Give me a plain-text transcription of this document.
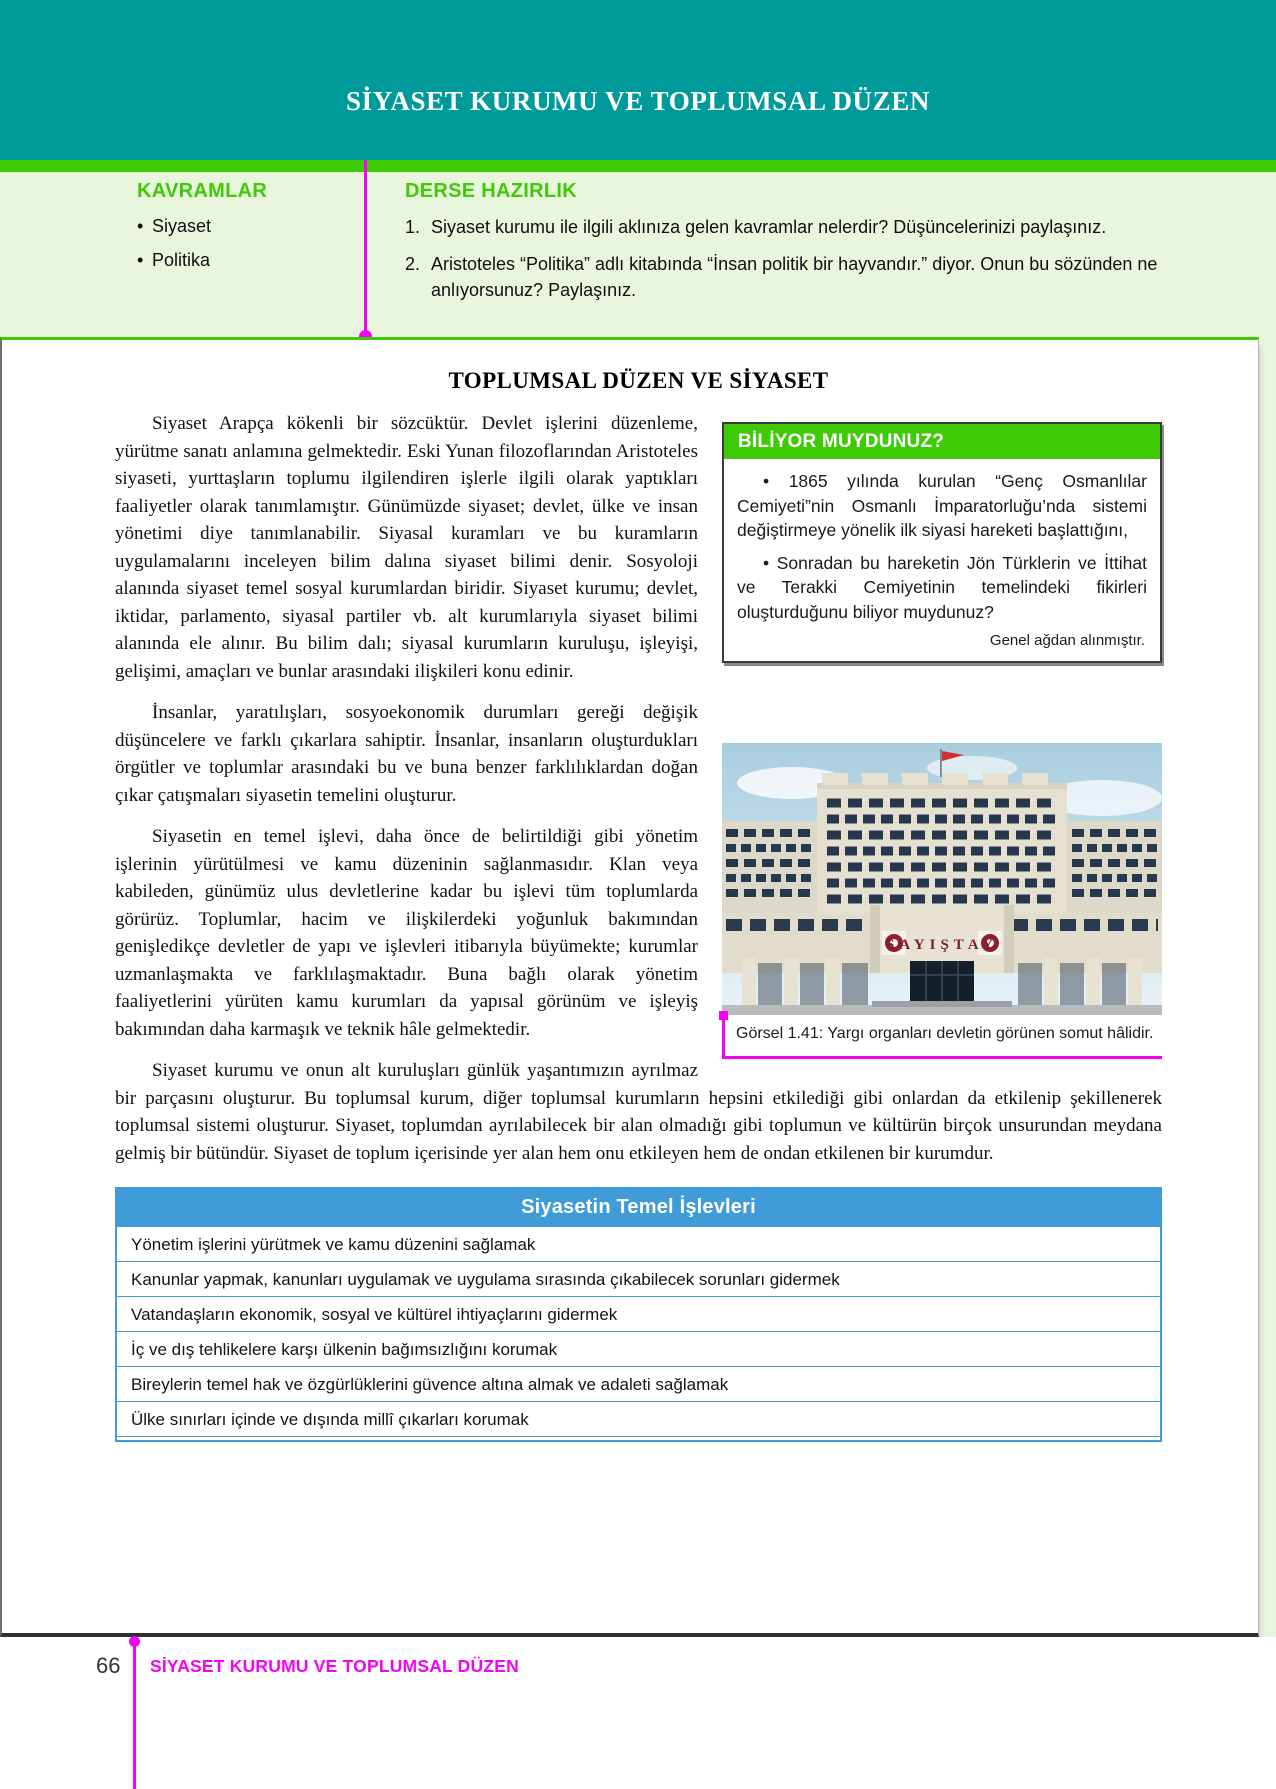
SİYASET KURUMU VE TOPLUMSAL DÜZEN
KAVRAMLAR
• Siyaset
• Politika
DERSE HAZIRLIK
1. Siyaset kurumu ile ilgili aklınıza gelen kavramlar nelerdir? Düşüncelerinizi paylaşınız.
2. Aristoteles “Politika” adlı kitabında “İnsan politik bir hayvandır.” diyor. Onun bu sözünden ne anlıyorsunuz? Paylaşınız.
TOPLUMSAL DÜZEN VE SİYASET
BİLİYOR MUYDUNUZ?
• 1865 yılında kurulan “Genç Osmanlılar Cemiyeti”nin Osmanlı İmparatorluğu’nda sistemi değiştirmeye yönelik ilk siyasi hareketi başlattığını,
• Sonradan bu hareketin Jön Türklerin ve İttihat ve Terakki Cemiyetinin temelindeki fikirleri oluşturduğunu biliyor muydunuz?
Genel ağdan alınmıştır.
SAYIŞTAY
Görsel 1.41: Yargı organları devletin görünen somut hâlidir.

Siyaset Arapça kökenli bir sözcüktür. Devlet işlerini düzenleme, yürütme sanatı anlamına gelmektedir. Eski Yunan filozoflarından Aristoteles siyaseti, yurttaşların toplumu ilgilendiren işlerle ilgili olarak yaptıkları faaliyetler olarak tanımlamıştır. Günümüzde siyaset; devlet, ülke ve insan yönetimi diye tanımlanabilir. Siyasal kuramları ve bu kuramların uygulamalarını inceleyen bilim dalına siyaset bilimi denir. Sosyoloji alanında siyaset temel sosyal kurumlardan biridir. Siyaset kurumu; devlet, iktidar, parlamento, siyasal partiler vb. alt kurumlarıyla siyaset bilimi alanında ele alınır. Bu bilim dalı; siyasal kurumların kuruluşu, işleyişi, gelişimi, amaçları ve bunlar arasındaki ilişkileri konu edinir.

İnsanlar, yaratılışları, sosyoekonomik durumları gereği değişik düşüncelere ve farklı çıkarlara sahiptir. İnsanlar, insanların oluşturdukları örgütler ve toplumlar arasındaki bu ve buna benzer farklılıklardan doğan çıkar çatışmaları siyasetin temelini oluşturur.

Siyasetin en temel işlevi, daha önce de belirtildiği gibi yönetim işlerinin yürütülmesi ve kamu düzeninin sağlanmasıdır. Klan veya kabileden, günümüz ulus devletlerine kadar bu işlevi tüm toplumlarda görürüz. Toplumlar, hacim ve ilişkilerdeki yoğunluk bakımından genişledikçe devletler de yapı ve işlevleri itibarıyla büyümekte; kurumlar uzmanlaşmakta ve farklılaşmaktadır. Buna bağlı olarak yönetim faaliyetlerini yürüten kamu kurumları da yapısal görünüm ve işleyiş bakımından daha karmaşık ve teknik hâle gelmektedir.

Siyaset kurumu ve onun alt kuruluşları günlük yaşantımızın ayrılmaz bir parçasını oluşturur. Bu toplumsal kurum, diğer toplumsal kurumların hepsini etkilediği gibi onlardan da etkilenip şekillenerek toplumsal sistemi oluşturur. Siyaset, toplumdan ayrılabilecek bir alan olmadığı gibi toplumun ve kültürün birçok unsurundan meydana gelmiş bir bütündür. Siyaset de toplum içerisinde yer alan hem onu etkileyen hem de ondan etkilenen bir kurumdur.

Siyasetin Temel İşlevleri
Yönetim işlerini yürütmek ve kamu düzenini sağlamak
Kanunlar yapmak, kanunları uygulamak ve uygulama sırasında çıkabilecek sorunları gidermek
Vatandaşların ekonomik, sosyal ve kültürel ihtiyaçlarını gidermek
İç ve dış tehlikelere karşı ülkenin bağımsızlığını korumak
Bireylerin temel hak ve özgürlüklerini güvence altına almak ve adaleti sağlamak
Ülke sınırları içinde ve dışında millî çıkarları korumak
66 SİYASET KURUMU VE TOPLUMSAL DÜZEN
